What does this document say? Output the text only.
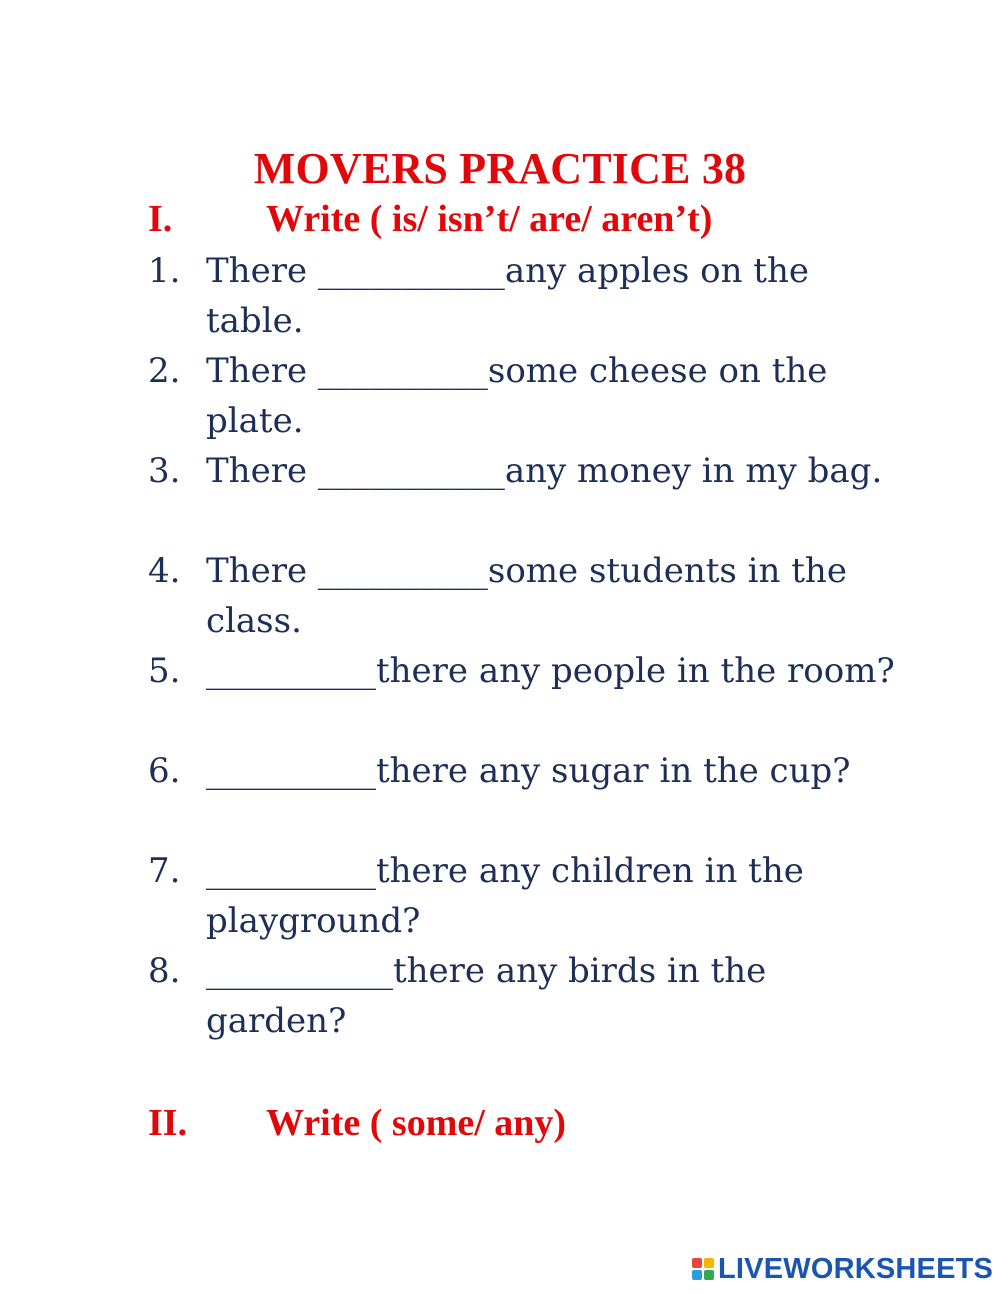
MOVERS PRACTICE 38
I. Write ( is/ isn’t/ are/ aren’t)
1. There ___________any apples on the table.
2. There __________some cheese on the plate.
3. There ___________any money in my bag.
4. There __________some students in the class.
5. __________there any people in the room?
6. __________there any sugar in the cup?
7. __________there any children in the playground?
8. ___________there any birds in the garden?
II. Write ( some/ any)
LIVEWORKSHEETS
